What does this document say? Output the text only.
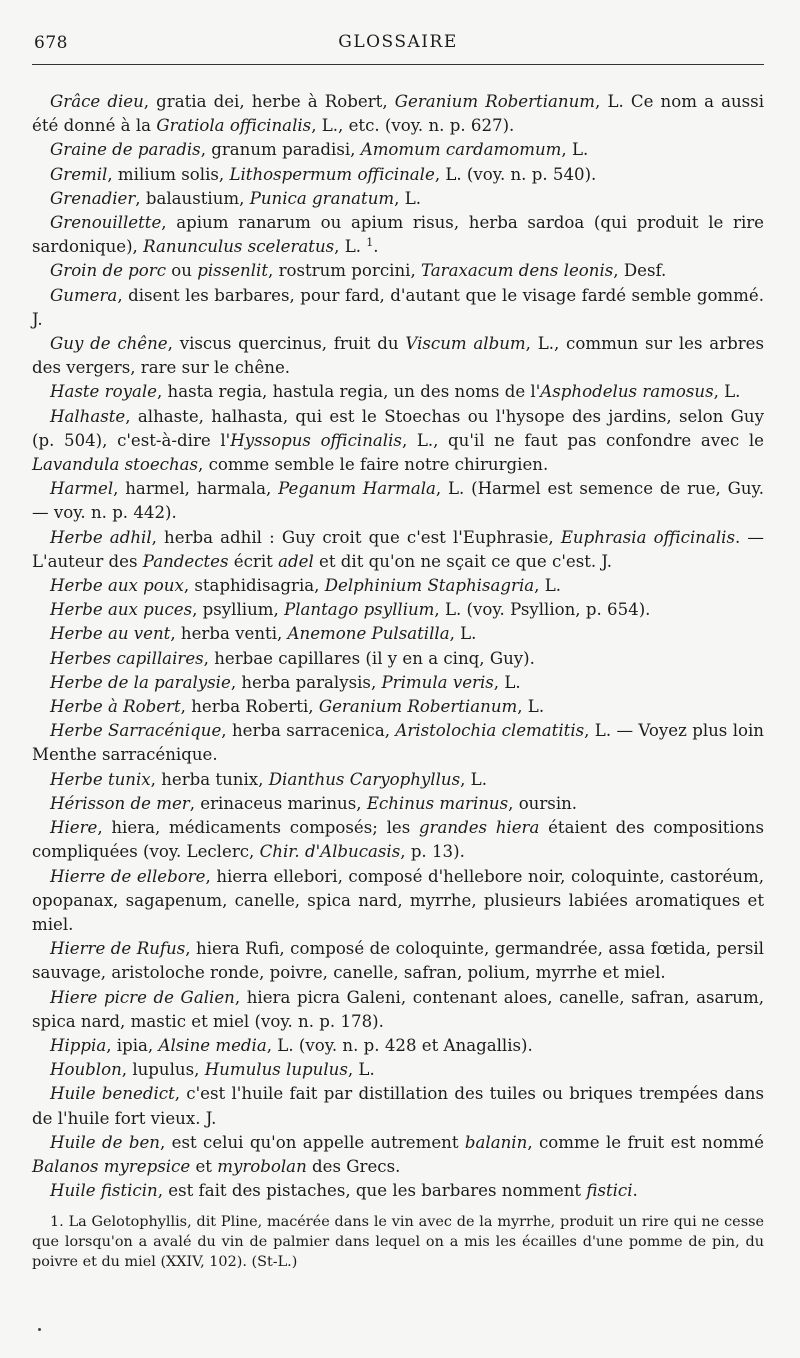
678	GLOSSAIRE

Grâce dieu, gratia dei, herbe à Robert, Geranium Robertianum, L. Ce nom a aussi été donné à la Gratiola officinalis, L., etc. (voy. n. p. 627).

Graine de paradis, granum paradisi, Amomum cardamomum, L.

Gremil, milium solis, Lithospermum officinale, L. (voy. n. p. 540).

Grenadier, balaustium, Punica granatum, L.

Grenouillette, apium ranarum ou apium risus, herba sardoa (qui produit le rire sardonique), Ranunculus sceleratus, L. $^1$.

Groin de porc ou pissenlit, rostrum porcini, Taraxacum dens leonis, Desf.

Gumera, disent les barbares, pour fard, d'autant que le visage fardé semble gommé. J.

Guy de chêne, viscus quercinus, fruit du Viscum album, L., commun sur les arbres des vergers, rare sur le chêne.

Haste royale, hasta regia, hastula regia, un des noms de l'Asphodelus ramosus, L.

Halhaste, alhaste, halhasta, qui est le Stoechas ou l'hysope des jardins, selon Guy (p. 504), c'est-à-dire l'Hyssopus officinalis, L., qu'il ne faut pas confondre avec le Lavandula stoechas, comme semble le faire notre chirurgien.

Harmel, harmel, harmala, Peganum Harmala, L. (Harmel est semence de rue, Guy. — voy. n. p. 442).

Herbe adhil, herba adhil : Guy croit que c'est l'Euphrasie, Euphrasia officinalis. — L'auteur des Pandectes écrit adel et dit qu'on ne sçait ce que c'est. J.

Herbe aux poux, staphidisagria, Delphinium Staphisagria, L.

Herbe aux puces, psyllium, Plantago psyllium, L. (voy. Psyllion, p. 654).

Herbe au vent, herba venti, Anemone Pulsatilla, L.

Herbes capillaires, herbae capillares (il y en a cinq, Guy).

Herbe de la paralysie, herba paralysis, Primula veris, L.

Herbe à Robert, herba Roberti, Geranium Robertianum, L.

Herbe Sarracénique, herba sarracenica, Aristolochia clematitis, L. — Voyez plus loin Menthe sarracénique.

Herbe tunix, herba tunix, Dianthus Caryophyllus, L.

Hérisson de mer, erinaceus marinus, Echinus marinus, oursin.

Hiere, hiera, médicaments composés; les grandes hiera étaient des compositions compliquées (voy. Leclerc, Chir. d'Albucasis, p. 13).

Hierre de ellebore, hierra ellebori, composé d'hellebore noir, coloquinte, castoréum, opopanax, sagapenum, canelle, spica nard, myrrhe, plusieurs labiées aromatiques et miel.

Hierre de Rufus, hiera Rufi, composé de coloquinte, germandrée, assa fœtida, persil sauvage, aristoloche ronde, poivre, canelle, safran, polium, myrrhe et miel.

Hiere picre de Galien, hiera picra Galeni, contenant aloes, canelle, safran, asarum, spica nard, mastic et miel (voy. n. p. 178).

Hippia, ipia, Alsine media, L. (voy. n. p. 428 et Anagallis).

Houblon, lupulus, Humulus lupulus, L.

Huile benedict, c'est l'huile fait par distillation des tuiles ou briques trempées dans de l'huile fort vieux. J.

Huile de ben, est celui qu'on appelle autrement balanin, comme le fruit est nommé Balanos myrepsice et myrobolan des Grecs.

Huile fisticin, est fait des pistaches, que les barbares nomment fistici.

1. La Gelotophyllis, dit Pline, macérée dans le vin avec de la myrrhe, produit un rire qui ne cesse que lorsqu'on a avalé du vin de palmier dans lequel on a mis les écailles d'une pomme de pin, du poivre et du miel (XXIV, 102). (St-L.)
